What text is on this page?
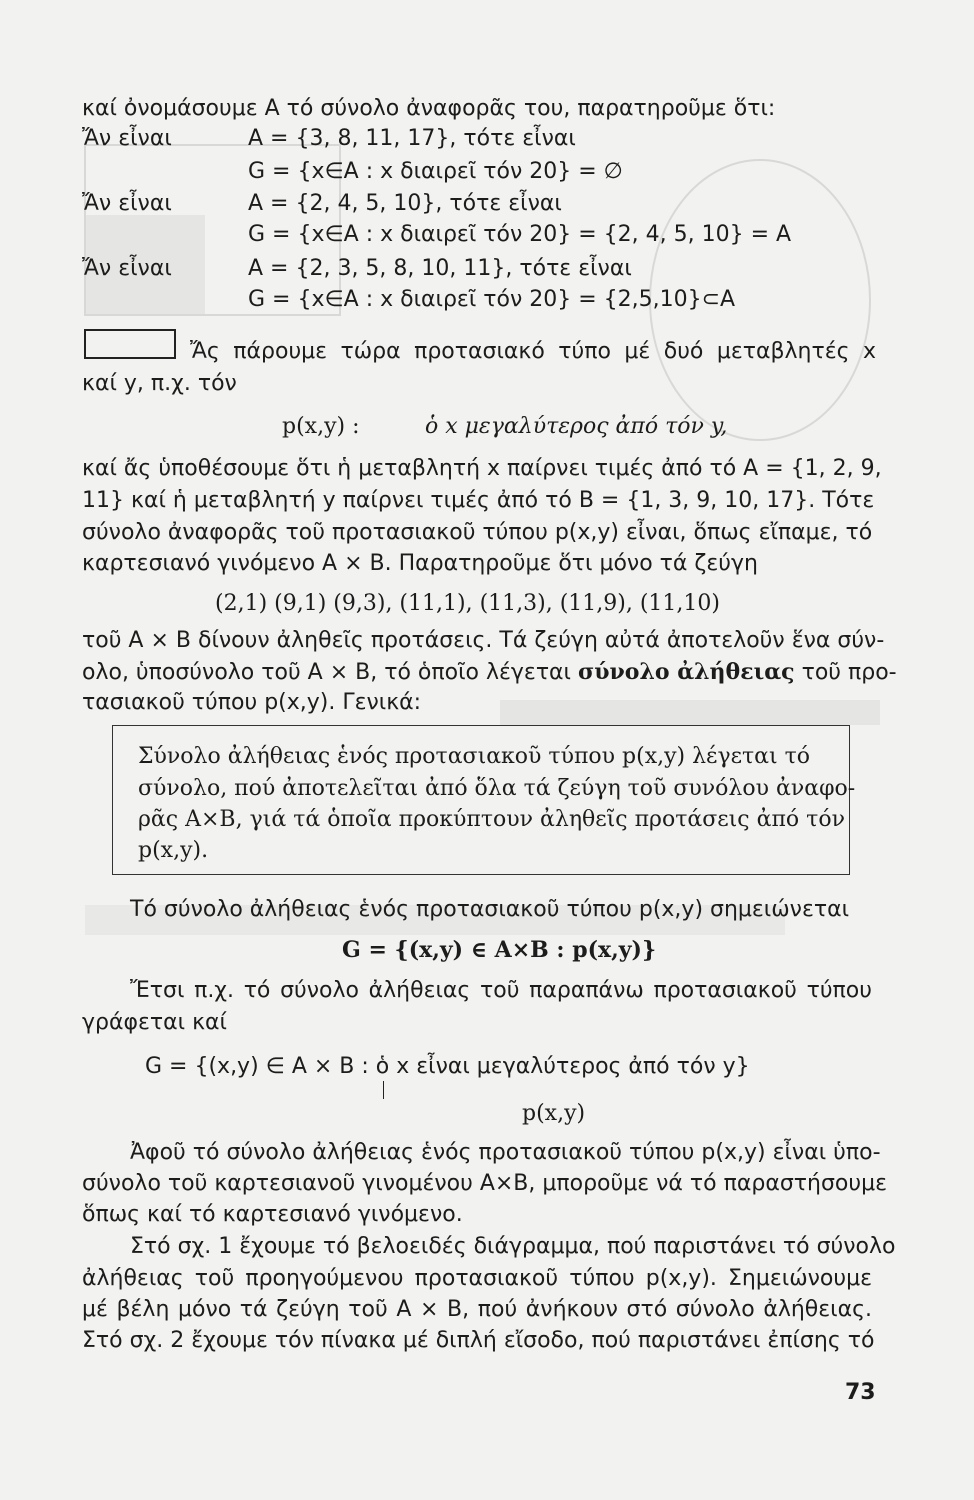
καί ὀνομάσουμε A τό σύνολο ἀναφορᾶς του, παρατηροῦμε ὅτι:
Ἄν εἶναι	A = {3, 8, 11, 17}, τότε εἶναι
G = {x∈A : x διαιρεῖ τόν 20} = ∅
Ἄν εἶναι	A = {2, 4, 5, 10}, τότε εἶναι
G = {x∈A : x διαιρεῖ τόν 20} = {2, 4, 5, 10} = A
Ἄν εἶναι	A = {2, 3, 5, 8, 10, 11}, τότε εἶναι
G = {x∈A : x διαιρεῖ τόν 20} = {2,5,10}⊂A
Ἄς πάρουμε τώρα προτασιακό τύπο μέ δυό μεταβλητές x
καί y, π.χ. τόν
p(x,y) :	ὁ x μεγαλύτερος ἀπό τόν y,
καί ἄς ὑποθέσουμε ὅτι ἡ μεταβλητή x παίρνει τιμές ἀπό τό A = {1, 2, 9,
11} καί ἡ μεταβλητή y παίρνει τιμές ἀπό τό B = {1, 3, 9, 10, 17}. Τότε
σύνολο ἀναφορᾶς τοῦ προτασιακοῦ τύπου p(x,y) εἶναι, ὅπως εἴπαμε, τό
καρτεσιανό γινόμενο A × B. Παρατηροῦμε ὅτι μόνο τά ζεύγη
(2,1) (9,1) (9,3), (11,1), (11,3), (11,9), (11,10)
τοῦ A × B δίνουν ἀληθεῖς προτάσεις. Τά ζεύγη αὐτά ἀποτελοῦν ἕνα σύν-
ολο, ὑποσύνολο τοῦ A × B, τό ὁποῖο λέγεται σύνολο ἀλήθειας τοῦ προ-
τασιακοῦ τύπου p(x,y). Γενικά:
Σύνολο ἀλήθειας ἑνός προτασιακοῦ τύπου p(x,y) λέγεται τό
σύνολο, πού ἀποτελεῖται ἀπό ὅλα τά ζεύγη τοῦ συνόλου ἀναφο-
ρᾶς A×B, γιά τά ὁποῖα προκύπτουν ἀληθεῖς προτάσεις ἀπό τόν
p(x,y).
Τό σύνολο ἀλήθειας ἑνός προτασιακοῦ τύπου p(x,y) σημειώνεται
G = {(x,y) ∈ A×B : p(x,y)}
Ἔτσι π.χ. τό σύνολο ἀλήθειας τοῦ παραπάνω προτασιακοῦ τύπου
γράφεται καί
G = {(x,y) ∈ A × B : ὁ x εἶναι μεγαλύτερος ἀπό τόν y}
p(x,y)
Ἀφοῦ τό σύνολο ἀλήθειας ἑνός προτασιακοῦ τύπου p(x,y) εἶναι ὑπο-
σύνολο τοῦ καρτεσιανοῦ γινομένου A×B, μποροῦμε νά τό παραστήσουμε
ὅπως καί τό καρτεσιανό γινόμενο.
Στό σχ. 1 ἔχουμε τό βελοειδές διάγραμμα, πού παριστάνει τό σύνολο
ἀλήθειας τοῦ προηγούμενου προτασιακοῦ τύπου p(x,y). Σημειώνουμε
μέ βέλη μόνο τά ζεύγη τοῦ A × B, πού ἀνήκουν στό σύνολο ἀλήθειας.
Στό σχ. 2 ἔχουμε τόν πίνακα μέ διπλή εἴσοδο, πού παριστάνει ἐπίσης τό
73
